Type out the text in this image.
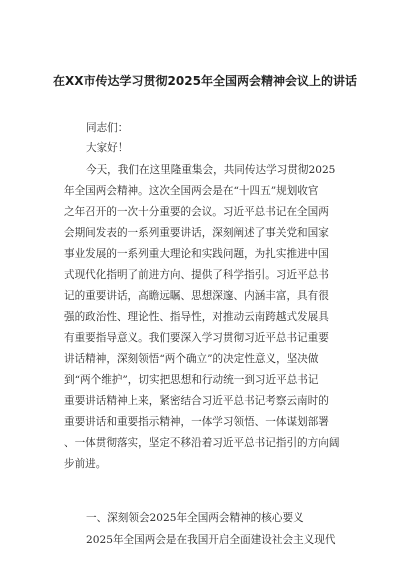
在XX市传达学习贯彻2025年全国两会精神会议上的讲话

同志们：

大家好！

今天，我们在这里隆重集会，共同传达学习贯彻2025
年全国两会精神。这次全国两会是在“十四五”规划收官
之年召开的一次十分重要的会议。习近平总书记在全国两
会期间发表的一系列重要讲话，深刻阐述了事关党和国家
事业发展的一系列重大理论和实践问题，为扎实推进中国
式现代化指明了前进方向、提供了科学指引。习近平总书
记的重要讲话，高瞻远瞩、思想深邃、内涵丰富，具有很
强的政治性、理论性、指导性，对推动云南跨越式发展具
有重要指导意义。我们要深入学习贯彻习近平总书记重要
讲话精神，深刻领悟“两个确立”的决定性意义，坚决做
到“两个维护”，切实把思想和行动统一到习近平总书记
重要讲话精神上来，紧密结合习近平总书记考察云南时的
重要讲话和重要指示精神，一体学习领悟、一体谋划部署
、一体贯彻落实，坚定不移沿着习近平总书记指引的方向阔
步前进。

一、深刻领会2025年全国两会精神的核心要义

2025年全国两会是在我国开启全面建设社会主义现代
